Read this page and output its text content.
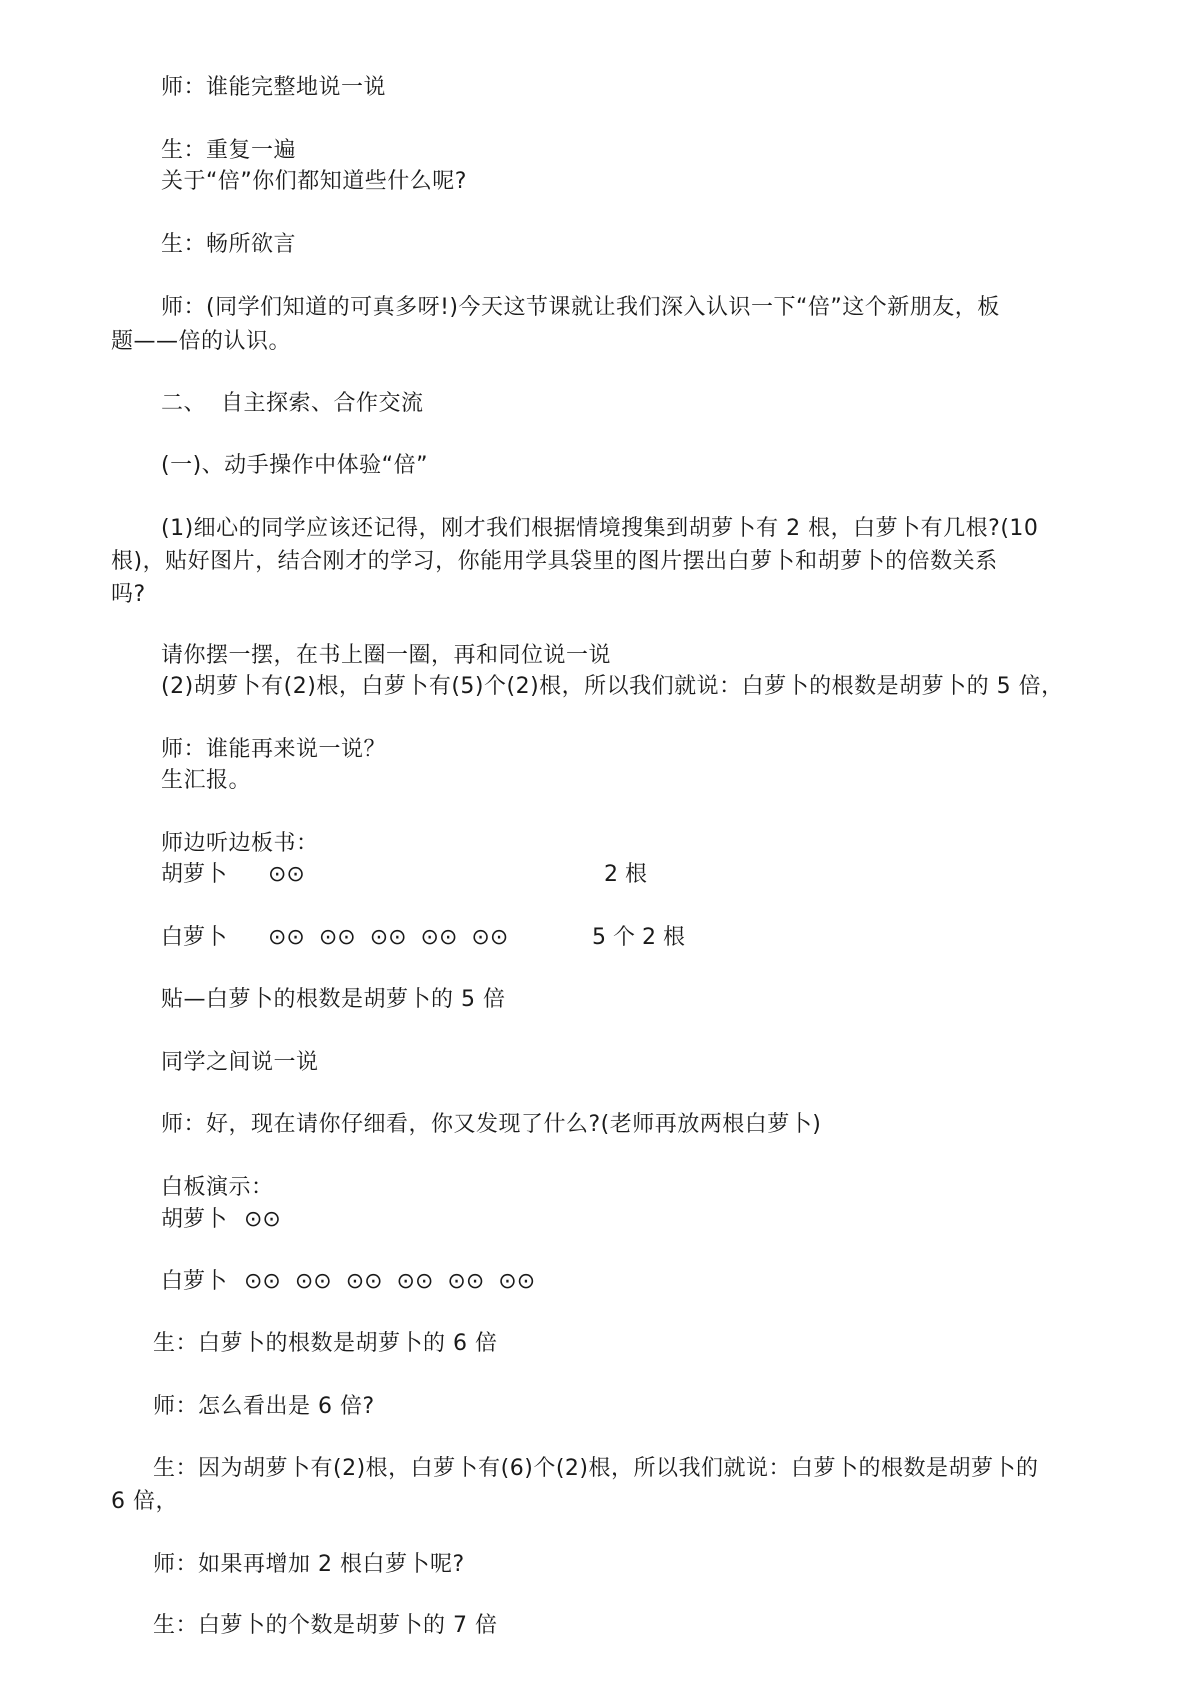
师：谁能完整地说一说
生：重复一遍
关于“倍”你们都知道些什么呢?
生：畅所欲言
师：(同学们知道的可真多呀!)今天这节课就让我们深入认识一下“倍”这个新朋友，板
题——倍的认识。
二、  自主探索、合作交流
(一)、动手操作中体验“倍”
(1)细心的同学应该还记得，刚才我们根据情境搜集到胡萝卜有 2 根，白萝卜有几根?(10
根)，贴好图片，结合刚才的学习，你能用学具袋里的图片摆出白萝卜和胡萝卜的倍数关系
吗?
请你摆一摆，在书上圈一圈，再和同位说一说
(2)胡萝卜有(2)根，白萝卜有(5)个(2)根，所以我们就说：白萝卜的根数是胡萝卜的 5 倍，
师：谁能再来说一说？
生汇报。
师边听边板书：
胡萝卜 ⊙⊙	2 根
白萝卜 ⊙⊙  ⊙⊙  ⊙⊙  ⊙⊙  ⊙⊙	5 个 2 根
贴—白萝卜的根数是胡萝卜的 5 倍
同学之间说一说
师：好，现在请你仔细看，你又发现了什么?(老师再放两根白萝卜)
白板演示：
胡萝卜 ⊙⊙
白萝卜 ⊙⊙  ⊙⊙  ⊙⊙  ⊙⊙  ⊙⊙  ⊙⊙
生：白萝卜的根数是胡萝卜的 6 倍
师：怎么看出是 6 倍?
生：因为胡萝卜有(2)根，白萝卜有(6)个(2)根，所以我们就说：白萝卜的根数是胡萝卜的
6 倍，
师：如果再增加 2 根白萝卜呢?
生：白萝卜的个数是胡萝卜的 7 倍
